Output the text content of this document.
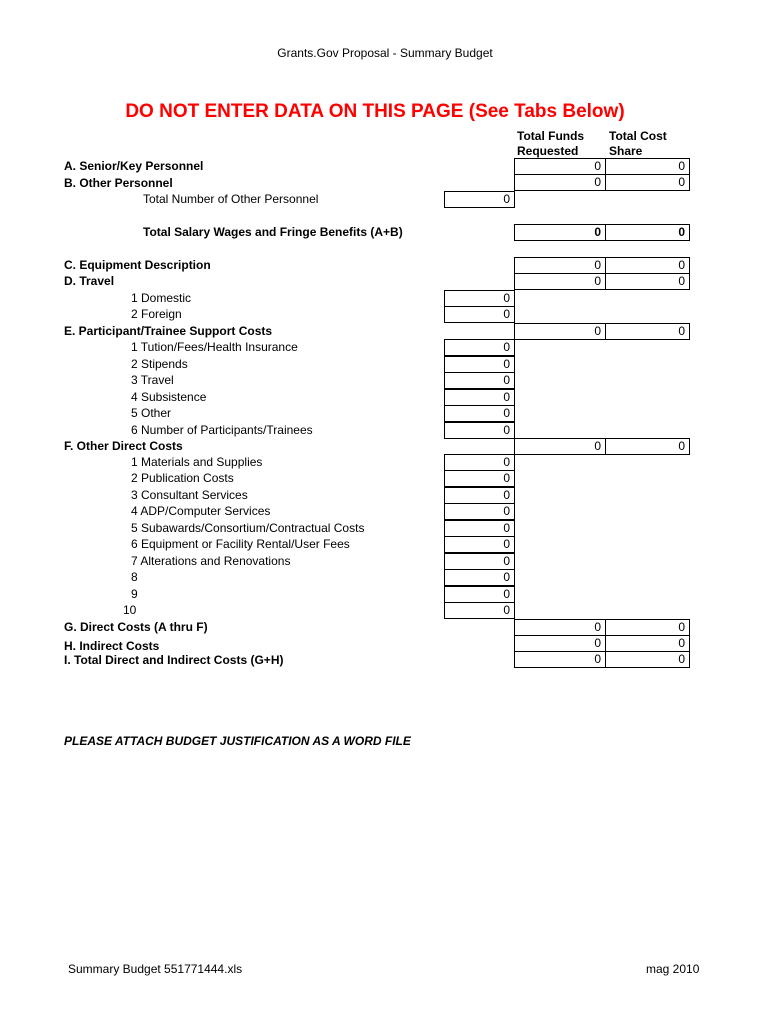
Grants.Gov Proposal - Summary Budget
DO NOT ENTER DATA ON THIS PAGE (See Tabs Below)
Total Funds Requested
Total Cost Share
A. Senior/Key Personnel	0	0
B. Other Personnel	0	0
Total Number of Other Personnel	0
Total Salary Wages and Fringe Benefits (A+B)	0	0
C. Equipment Description	0	0
D. Travel	0	0
1 Domestic	0
2 Foreign	0
E. Participant/Trainee Support Costs	0	0
1 Tution/Fees/Health Insurance	0
2 Stipends	0
3 Travel	0
4 Subsistence	0
5 Other	0
6 Number of Participants/Trainees	0
F. Other Direct Costs	0	0
1 Materials and Supplies	0
2 Publication Costs	0
3 Consultant Services	0
4 ADP/Computer Services	0
5 Subawards/Consortium/Contractual Costs	0
6 Equipment or Facility Rental/User Fees	0
7 Alterations and Renovations	0
8	0
9	0
10	0
G. Direct Costs (A thru F)	0	0
H. Indirect Costs	0	0
I. Total Direct and Indirect Costs (G+H)	0	0
PLEASE ATTACH BUDGET JUSTIFICATION AS A WORD FILE
Summary Budget 551771444.xls	mag 2010
